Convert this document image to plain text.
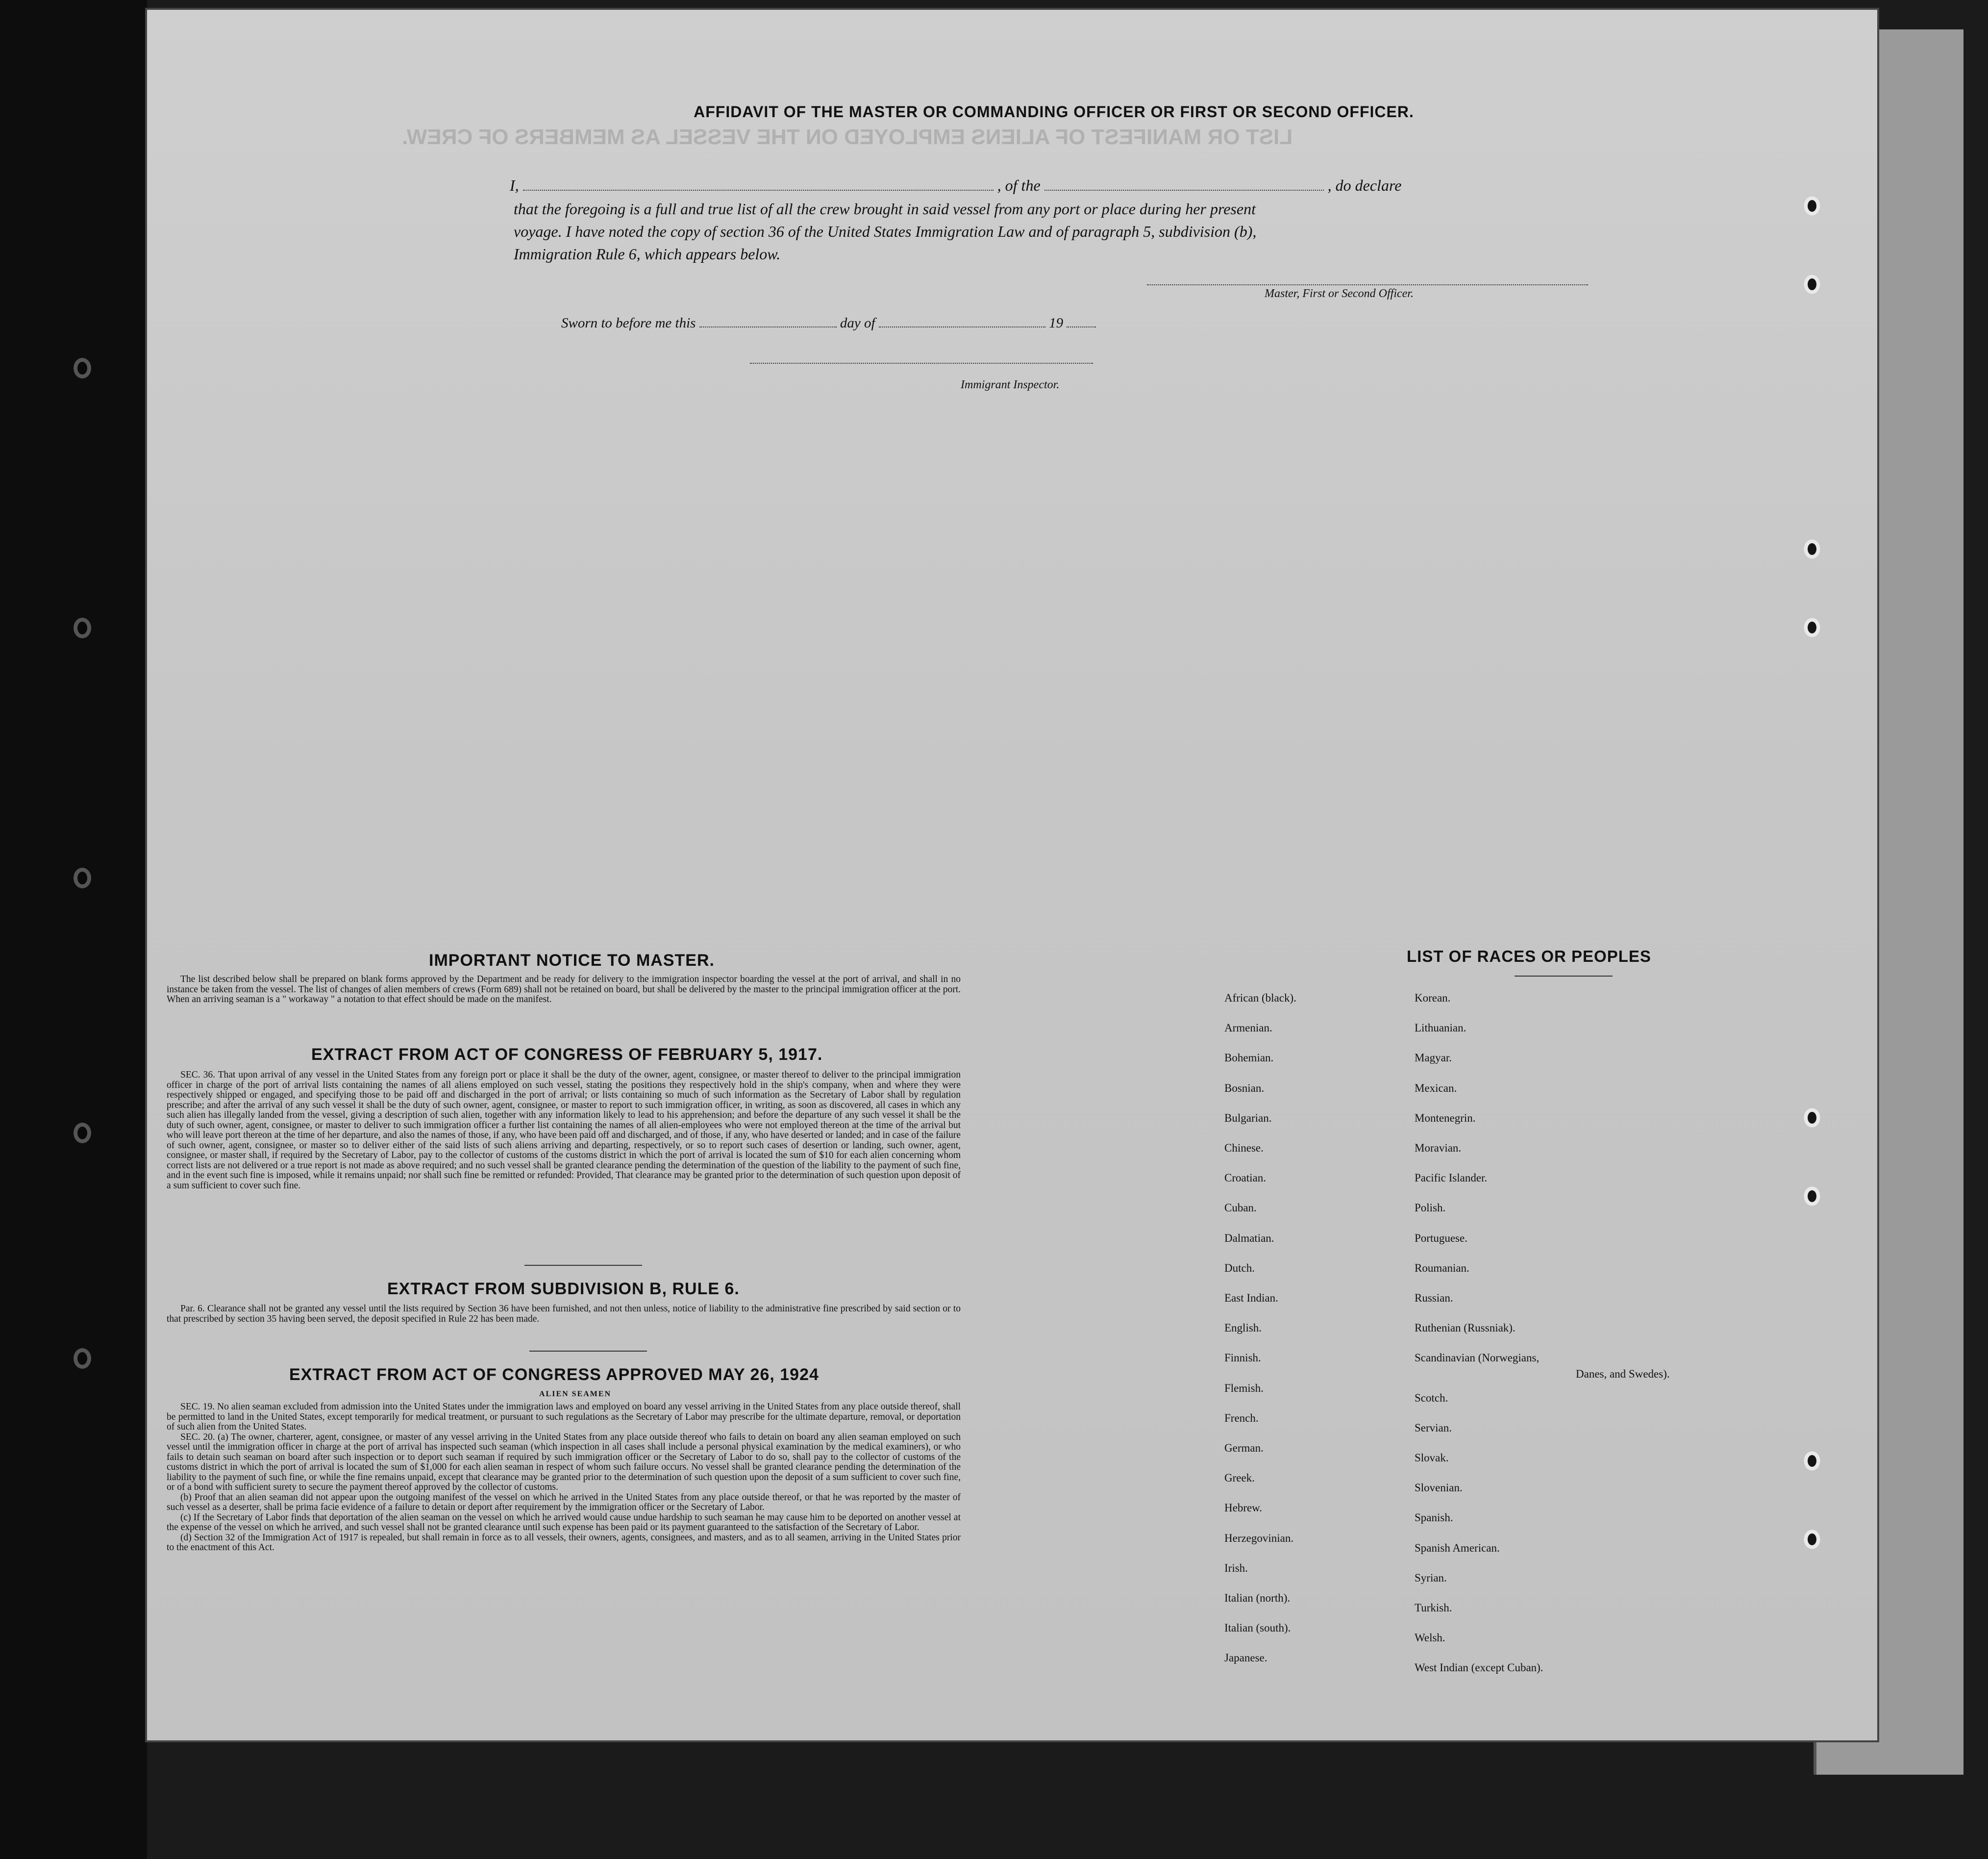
LIST OR MANIFEST OF ALIENS EMPLOYED ON THE VESSEL AS MEMBERS OF CREW.
AFFIDAVIT OF THE MASTER OR COMMANDING OFFICER OR FIRST OR SECOND OFFICER.
I,	, of the	, do declare
that the foregoing is a full and true list of all the crew brought in said vessel from any port or place during her present
voyage. I have noted the copy of section 36 of the United States Immigration Law and of paragraph 5, subdivision (b),
Immigration Rule 6, which appears below.
Master, First or Second Officer.
Sworn to before me this	day of	19
Immigrant Inspector.
IMPORTANT NOTICE TO MASTER.

The list described below shall be prepared on blank forms approved by the Department and be ready for delivery to the immigration inspector boarding the vessel at the port of arrival, and shall in no instance be taken from the vessel. The list of changes of alien members of crews (Form 689) shall not be retained on board, but shall be delivered by the master to the principal immigration officer at the port. When an arriving seaman is a " workaway " a notation to that effect should be made on the manifest.

EXTRACT FROM ACT OF CONGRESS OF FEBRUARY 5, 1917.

SEC. 36. That upon arrival of any vessel in the United States from any foreign port or place it shall be the duty of the owner, agent, consignee, or master thereof to deliver to the principal immigration officer in charge of the port of arrival lists containing the names of all aliens employed on such vessel, stating the positions they respectively hold in the ship's company, when and where they were respectively shipped or engaged, and specifying those to be paid off and discharged in the port of arrival; or lists containing so much of such information as the Secretary of Labor shall by regulation prescribe; and after the arrival of any such vessel it shall be the duty of such owner, agent, consignee, or master to report to such immigration officer, in writing, as soon as discovered, all cases in which any such alien has illegally landed from the vessel, giving a description of such alien, together with any information likely to lead to his apprehension; and before the departure of any such vessel it shall be the duty of such owner, agent, consignee, or master to deliver to such immigration officer a further list containing the names of all alien-employees who were not employed thereon at the time of the arrival but who will leave port thereon at the time of her departure, and also the names of those, if any, who have been paid off and discharged, and of those, if any, who have deserted or landed; and in case of the failure of such owner, agent, consignee, or master so to deliver either of the said lists of such aliens arriving and departing, respectively, or so to report such cases of desertion or landing, such owner, agent, consignee, or master shall, if required by the Secretary of Labor, pay to the collector of customs of the customs district in which the port of arrival is located the sum of $10 for each alien concerning whom correct lists are not delivered or a true report is not made as above required; and no such vessel shall be granted clearance pending the determination of the question of the liability to the payment of such fine, and in the event such fine is imposed, while it remains unpaid; nor shall such fine be remitted or refunded: Provided, That clearance may be granted prior to the determination of such question upon deposit of a sum sufficient to cover such fine.

EXTRACT FROM SUBDIVISION B, RULE 6.

Par. 6. Clearance shall not be granted any vessel until the lists required by Section 36 have been furnished, and not then unless, notice of liability to the administrative fine prescribed by said section or to that prescribed by section 35 having been served, the deposit specified in Rule 22 has been made.

EXTRACT FROM ACT OF CONGRESS APPROVED MAY 26, 1924
ALIEN SEAMEN

SEC. 19. No alien seaman excluded from admission into the United States under the immigration laws and employed on board any vessel arriving in the United States from any place outside thereof, shall be permitted to land in the United States, except temporarily for medical treatment, or pursuant to such regulations as the Secretary of Labor may prescribe for the ultimate departure, removal, or deportation of such alien from the United States.

SEC. 20. (a) The owner, charterer, agent, consignee, or master of any vessel arriving in the United States from any place outside thereof who fails to detain on board any alien seaman employed on such vessel until the immigration officer in charge at the port of arrival has inspected such seaman (which inspection in all cases shall include a personal physical examination by the medical examiners), or who fails to detain such seaman on board after such inspection or to deport such seaman if required by such immigration officer or the Secretary of Labor to do so, shall pay to the collector of customs of the customs district in which the port of arrival is located the sum of $1,000 for each alien seaman in respect of whom such failure occurs. No vessel shall be granted clearance pending the determination of the liability to the payment of such fine, or while the fine remains unpaid, except that clearance may be granted prior to the determination of such question upon the deposit of a sum sufficient to cover such fine, or of a bond with sufficient surety to secure the payment thereof approved by the collector of customs.

(b) Proof that an alien seaman did not appear upon the outgoing manifest of the vessel on which he arrived in the United States from any place outside thereof, or that he was reported by the master of such vessel as a deserter, shall be prima facie evidence of a failure to detain or deport after requirement by the immigration officer or the Secretary of Labor.

(c) If the Secretary of Labor finds that deportation of the alien seaman on the vessel on which he arrived would cause undue hardship to such seaman he may cause him to be deported on another vessel at the expense of the vessel on which he arrived, and such vessel shall not be granted clearance until such expense has been paid or its payment guaranteed to the satisfaction of the Secretary of Labor.

(d) Section 32 of the Immigration Act of 1917 is repealed, but shall remain in force as to all vessels, their owners, agents, consignees, and masters, and as to all seamen, arriving in the United States prior to the enactment of this Act.

LIST OF RACES OR PEOPLES
Danes, and Swedes).
African (black).
Armenian.
Bohemian.
Bosnian.
Bulgarian.
Chinese.
Croatian.
Cuban.
Dalmatian.
Dutch.
East Indian.
English.
Finnish.
Flemish.
French.
German.
Greek.
Hebrew.
Herzegovinian.
Irish.
Italian (north).
Italian (south).
Japanese.
Korean.
Lithuanian.
Magyar.
Mexican.
Montenegrin.
Moravian.
Pacific Islander.
Polish.
Portuguese.
Roumanian.
Russian.
Ruthenian (Russniak).
Scandinavian (Norwegians,
Scotch.
Servian.
Slovak.
Slovenian.
Spanish.
Spanish American.
Syrian.
Turkish.
Welsh.
West Indian (except Cuban).
